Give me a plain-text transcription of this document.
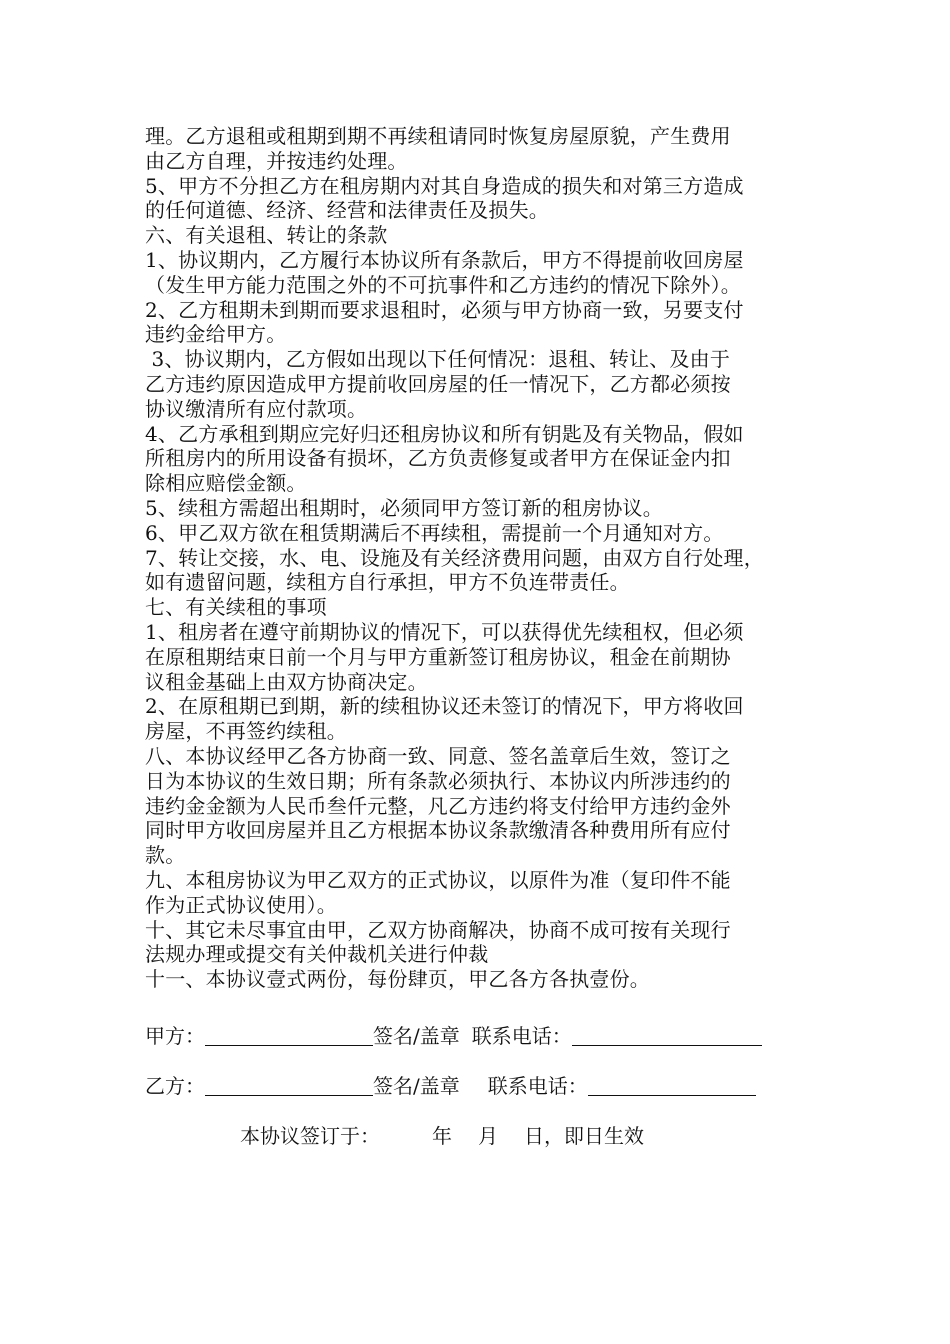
理。乙方退租或租期到期不再续租请同时恢复房屋原貌，产生费用
由乙方自理，并按违约处理。
5、甲方不分担乙方在租房期内对其自身造成的损失和对第三方造成
的任何道德、经济、经营和法律责任及损失。
六、有关退租、转让的条款
1、协议期内，乙方履行本协议所有条款后，甲方不得提前收回房屋
（发生甲方能力范围之外的不可抗事件和乙方违约的情况下除外）。
2、乙方租期未到期而要求退租时，必须与甲方协商一致，另要支付
违约金给甲方。
3、协议期内，乙方假如出现以下任何情况：退租、转让、及由于
乙方违约原因造成甲方提前收回房屋的任一情况下，乙方都必须按
协议缴清所有应付款项。
4、乙方承租到期应完好归还租房协议和所有钥匙及有关物品，假如
所租房内的所用设备有损坏，乙方负责修复或者甲方在保证金内扣
除相应赔偿金额。
5、续租方需超出租期时，必须同甲方签订新的租房协议。
6、甲乙双方欲在租赁期满后不再续租，需提前一个月通知对方。
7、转让交接，水、电、设施及有关经济费用问题，由双方自行处理，
如有遗留问题，续租方自行承担，甲方不负连带责任。
七、有关续租的事项
1、租房者在遵守前期协议的情况下，可以获得优先续租权，但必须
在原租期结束日前一个月与甲方重新签订租房协议，租金在前期协
议租金基础上由双方协商决定。
2、在原租期已到期，新的续租协议还未签订的情况下，甲方将收回
房屋，不再签约续租。
八、本协议经甲乙各方协商一致、同意、签名盖章后生效，签订之
日为本协议的生效日期；所有条款必须执行、本协议内所涉违约的
违约金金额为人民币叁仟元整，凡乙方违约将支付给甲方违约金外
同时甲方收回房屋并且乙方根据本协议条款缴清各种费用所有应付
款。
九、本租房协议为甲乙双方的正式协议，以原件为准（复印件不能
作为正式协议使用）。
十、其它未尽事宜由甲，乙双方协商解决，协商不成可按有关现行
法规办理或提交有关仲裁机关进行仲裁
十一、本协议壹式两份，每份肆页，甲乙各方各执壹份。
甲方：	签名/盖章 联系电话：
乙方：	签名/盖章 联系电话：
本协议签订于：	年 月 日，即日生效
